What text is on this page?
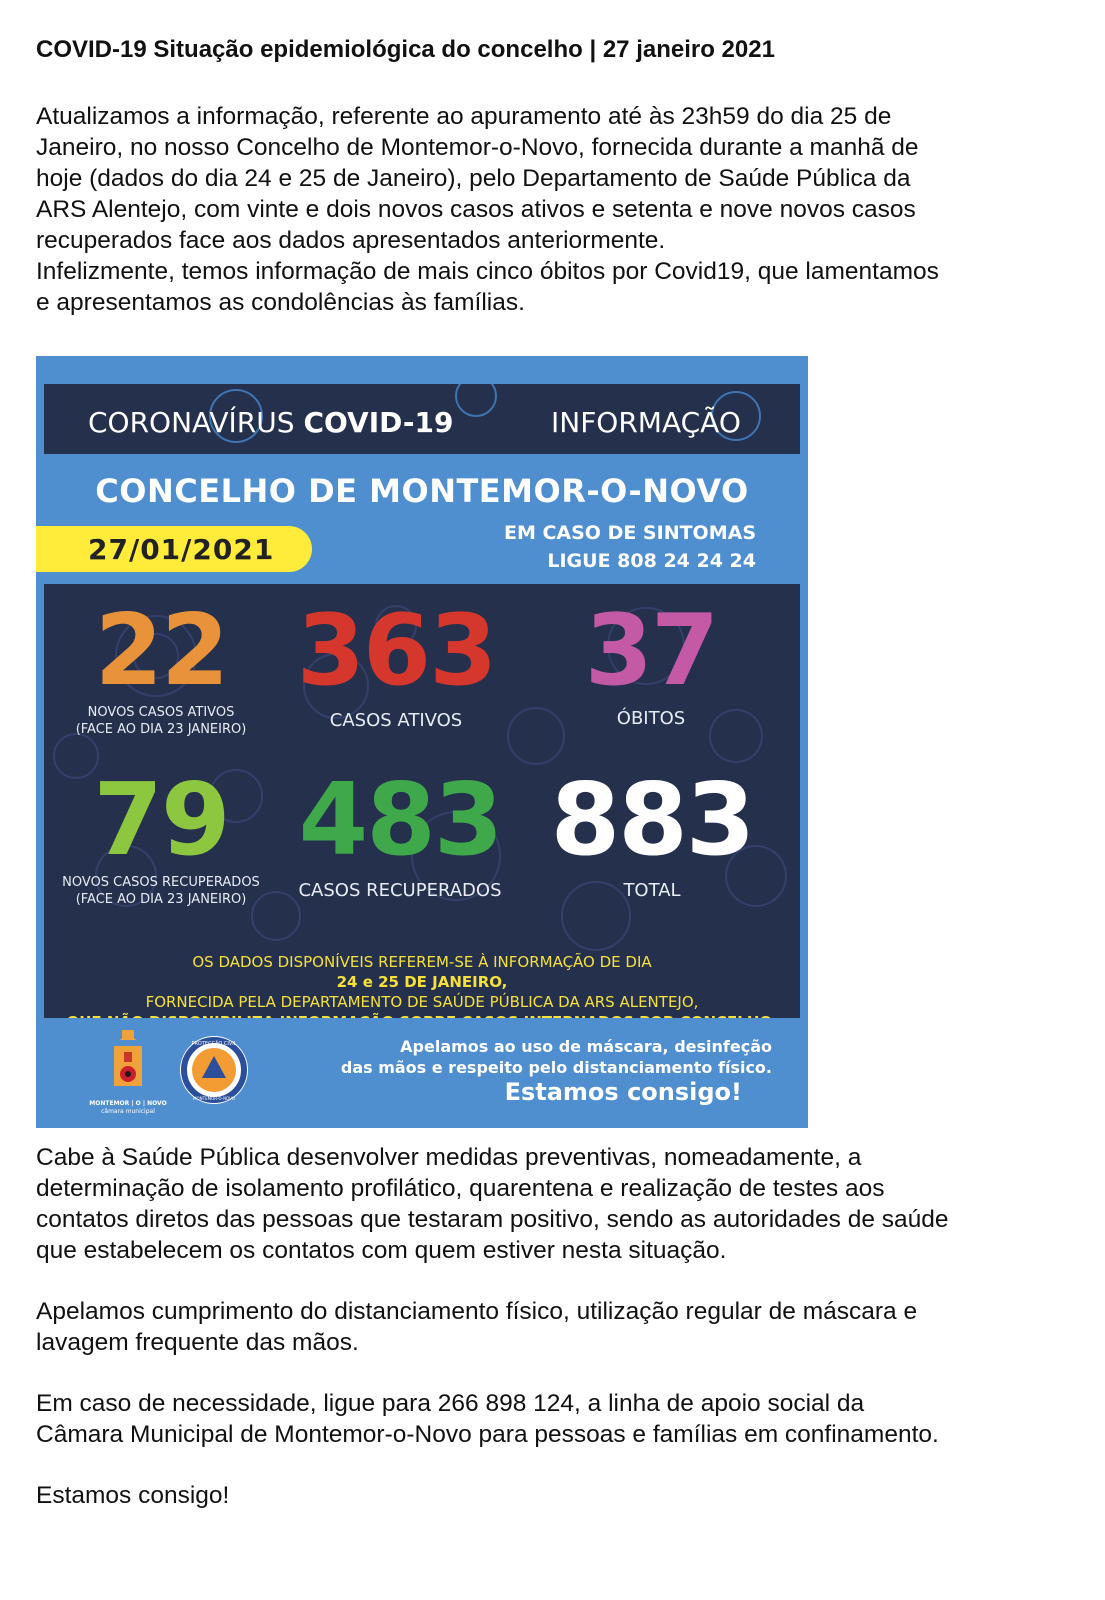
COVID-19 Situação epidemiológica do concelho | 27 janeiro 2021
Atualizamos a informação, referente ao apuramento até às 23h59 do dia 25 de
Janeiro, no nosso Concelho de Montemor-o-Novo, fornecida durante a manhã de
hoje (dados do dia 24 e 25 de Janeiro), pelo Departamento de Saúde Pública da
ARS Alentejo, com vinte e dois novos casos ativos e setenta e nove novos casos
recuperados face aos dados apresentados anteriormente.
Infelizmente, temos informação de mais cinco óbitos por Covid19, que lamentamos
e apresentamos as condolências às famílias.
CORONAVÍRUS COVID-19	INFORMAÇÃO
CONCELHO DE MONTEMOR-O-NOVO
27/01/2021	EM CASO DE SINTOMAS
LIGUE 808 24 24 24
22
NOVOS CASOS ATIVOS
(FACE AO DIA 23 JANEIRO)
363
CASOS ATIVOS
37
ÓBITOS
79
NOVOS CASOS RECUPERADOS
(FACE AO DIA 23 JANEIRO)
483
CASOS RECUPERADOS
883
TOTAL
OS DADOS DISPONÍVEIS REFEREM-SE À INFORMAÇÃO DE DIA
24 e 25 DE JANEIRO,
FORNECIDA PELA DEPARTAMENTO DE SAÚDE PÚBLICA DA ARS ALENTEJO,
MONTEMOR | O | NOVO
câmara municipal
PROTECÇÃO CIVIL
MONTEMOR-O-NOVO
Apelamos ao uso de máscara, desinfeção
das mãos e respeito pelo distanciamento físico.
Estamos consigo!
Cabe à Saúde Pública desenvolver medidas preventivas, nomeadamente, a
determinação de isolamento profilático, quarentena e realização de testes aos
contatos diretos das pessoas que testaram positivo, sendo as autoridades de saúde
que estabelecem os contatos com quem estiver nesta situação.
Apelamos cumprimento do distanciamento físico, utilização regular de máscara e
lavagem frequente das mãos.
Em caso de necessidade, ligue para 266 898 124, a linha de apoio social da
Câmara Municipal de Montemor-o-Novo para pessoas e famílias em confinamento.
Estamos consigo!
